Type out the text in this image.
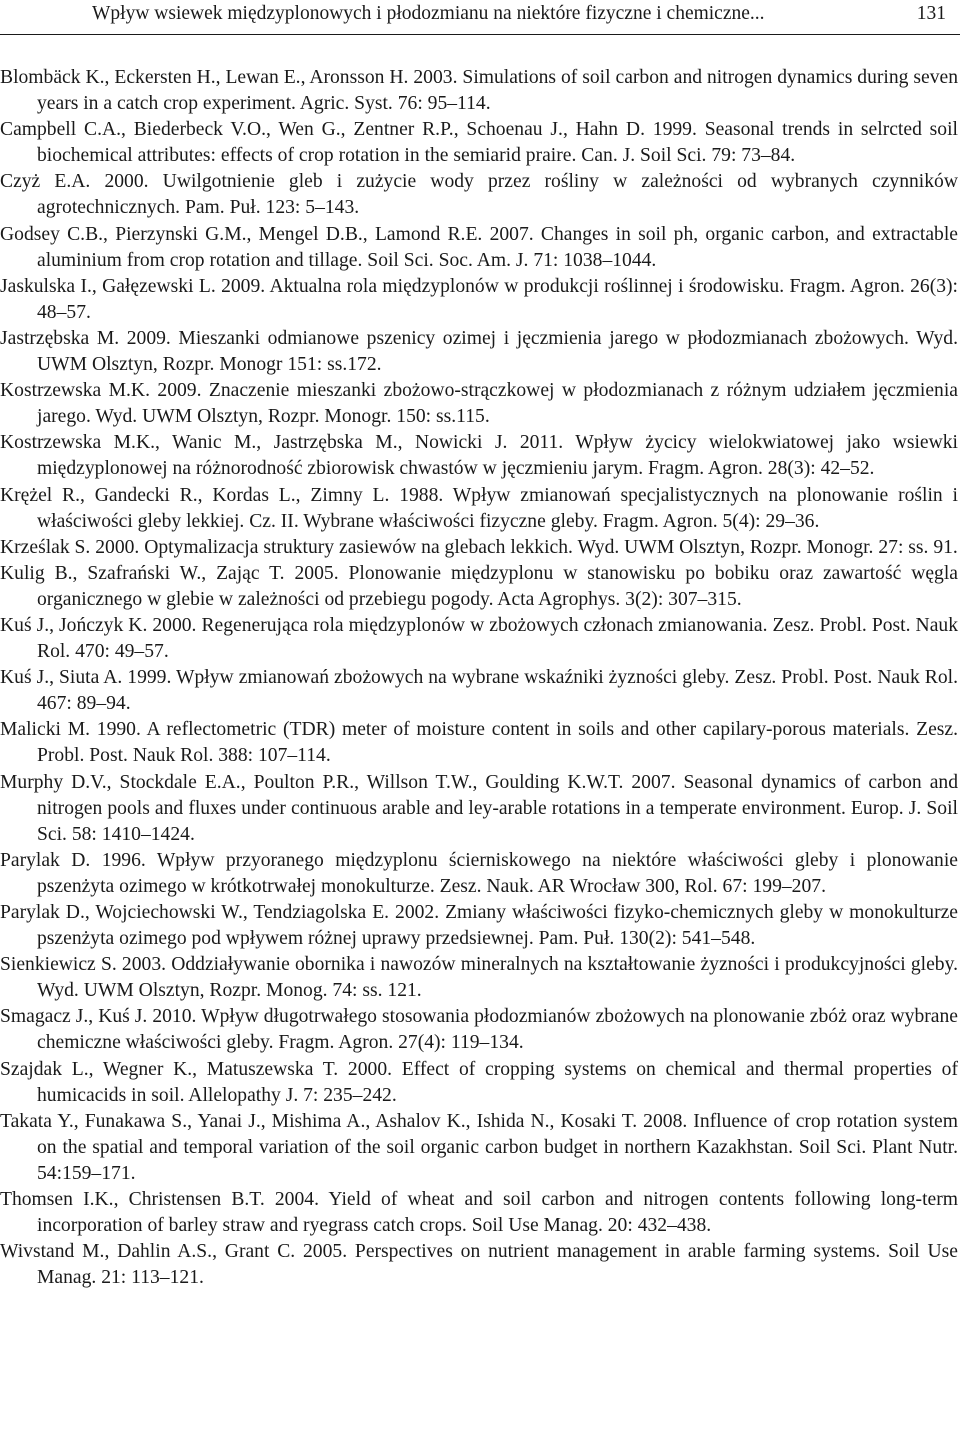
Wpływ wsiewek międzyplonowych i płodozmianu na niektóre fizyczne i chemiczne...	131
Blombäck K., Eckersten H., Lewan E., Aronsson H. 2003. Simulations of soil carbon and nitrogen dynamics during seven years in a catch crop experiment. Agric. Syst. 76: 95–114.
Campbell C.A., Biederbeck V.O., Wen G., Zentner R.P., Schoenau J., Hahn D. 1999. Seasonal trends in selrcted soil biochemical attributes: effects of crop rotation in the semiarid praire. Can. J. Soil Sci. 79: 73–84.
Czyż E.A. 2000. Uwilgotnienie gleb i zużycie wody przez rośliny w zależności od wybranych czynników agrotechnicznych. Pam. Puł. 123: 5–143.
Godsey C.B., Pierzynski G.M., Mengel D.B., Lamond R.E. 2007. Changes in soil ph, organic carbon, and extractable aluminium from crop rotation and tillage. Soil Sci. Soc. Am. J. 71: 1038–1044.
Jaskulska I., Gałęzewski L. 2009. Aktualna rola międzyplonów w produkcji roślinnej i środowisku. Fragm. Agron. 26(3): 48–57.
Jastrzębska M. 2009. Mieszanki odmianowe pszenicy ozimej i jęczmienia jarego w płodozmianach zbożowych. Wyd. UWM Olsztyn, Rozpr. Monogr 151: ss.172.
Kostrzewska M.K. 2009. Znaczenie mieszanki zbożowo-strączkowej w płodozmianach z różnym udziałem jęczmienia jarego. Wyd. UWM Olsztyn, Rozpr. Monogr. 150: ss.115.
Kostrzewska M.K., Wanic M., Jastrzębska M., Nowicki J. 2011. Wpływ życicy wielokwiatowej jako wsiewki międzyplonowej na różnorodność zbiorowisk chwastów w jęczmieniu jarym. Fragm. Agron. 28(3): 42–52.
Krężel R., Gandecki R., Kordas L., Zimny L. 1988. Wpływ zmianowań specjalistycznych na plonowanie roślin i właściwości gleby lekkiej. Cz. II. Wybrane właściwości fizyczne gleby. Fragm. Agron. 5(4): 29–36.
Krześlak S. 2000. Optymalizacja struktury zasiewów na glebach lekkich. Wyd. UWM Olsztyn, Rozpr. Monogr. 27: ss. 91.
Kulig B., Szafrański W., Zając T. 2005. Plonowanie międzyplonu w stanowisku po bobiku oraz zawartość węgla organicznego w glebie w zależności od przebiegu pogody. Acta Agrophys. 3(2): 307–315.
Kuś J., Jończyk K. 2000. Regenerująca rola międzyplonów w zbożowych członach zmianowania. Zesz. Probl. Post. Nauk Rol. 470: 49–57.
Kuś J., Siuta A. 1999. Wpływ zmianowań zbożowych na wybrane wskaźniki żyzności gleby. Zesz. Probl. Post. Nauk Rol. 467: 89–94.
Malicki M. 1990. A reflectometric (TDR) meter of moisture content in soils and other capilary-porous materials. Zesz. Probl. Post. Nauk Rol. 388: 107–114.
Murphy D.V., Stockdale E.A., Poulton P.R., Willson T.W., Goulding K.W.T. 2007. Seasonal dynamics of carbon and nitrogen pools and fluxes under continuous arable and ley-arable rotations in a temperate environment. Europ. J. Soil Sci. 58: 1410–1424.
Parylak D. 1996. Wpływ przyoranego międzyplonu ścierniskowego na niektóre właściwości gleby i plonowanie pszenżyta ozimego w krótkotrwałej monokulturze. Zesz. Nauk. AR Wrocław 300, Rol. 67: 199–207.
Parylak D., Wojciechowski W., Tendziagolska E. 2002. Zmiany właściwości fizyko-chemicznych gleby w monokulturze pszenżyta ozimego pod wpływem różnej uprawy przedsiewnej. Pam. Puł. 130(2): 541–548.
Sienkiewicz S. 2003. Oddziaływanie obornika i nawozów mineralnych na kształtowanie żyzności i produkcyjności gleby. Wyd. UWM Olsztyn, Rozpr. Monog. 74: ss. 121.
Smagacz J., Kuś J. 2010. Wpływ długotrwałego stosowania płodozmianów zbożowych na plonowanie zbóż oraz wybrane chemiczne właściwości gleby. Fragm. Agron. 27(4): 119–134.
Szajdak L., Wegner K., Matuszewska T. 2000. Effect of cropping systems on chemical and thermal properties of humicacids in soil. Allelopathy J. 7: 235–242.
Takata Y., Funakawa S., Yanai J., Mishima A., Ashalov K., Ishida N., Kosaki T. 2008. Influence of crop rotation system on the spatial and temporal variation of the soil organic carbon budget in northern Kazakhstan. Soil Sci. Plant Nutr. 54:159–171.
Thomsen I.K., Christensen B.T. 2004. Yield of wheat and soil carbon and nitrogen contents following long-term incorporation of barley straw and ryegrass catch crops. Soil Use Manag. 20: 432–438.
Wivstand M., Dahlin A.S., Grant C. 2005. Perspectives on nutrient management in arable farming systems. Soil Use Manag. 21: 113–121.
